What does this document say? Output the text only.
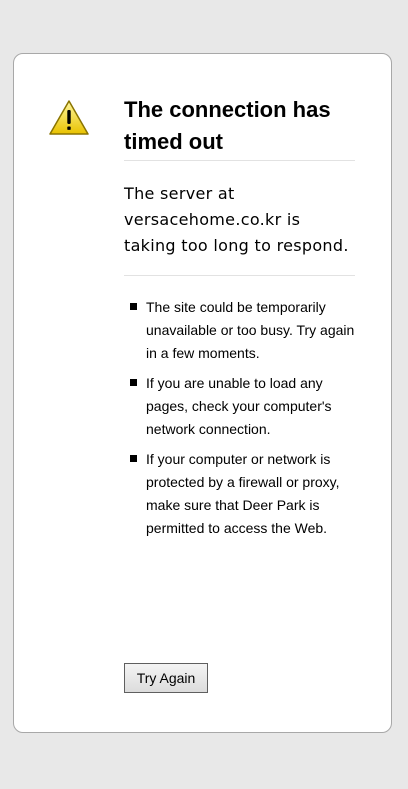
The connection has timed out

The server at versacehome.co.kr is taking too long to respond.

The site could be temporarily unavailable or too busy. Try again in a few moments.
If you are unable to load any pages, check your computer's network connection.
If your computer or network is protected by a firewall or proxy, make sure that Deer Park is permitted to access the Web.
Try Again
